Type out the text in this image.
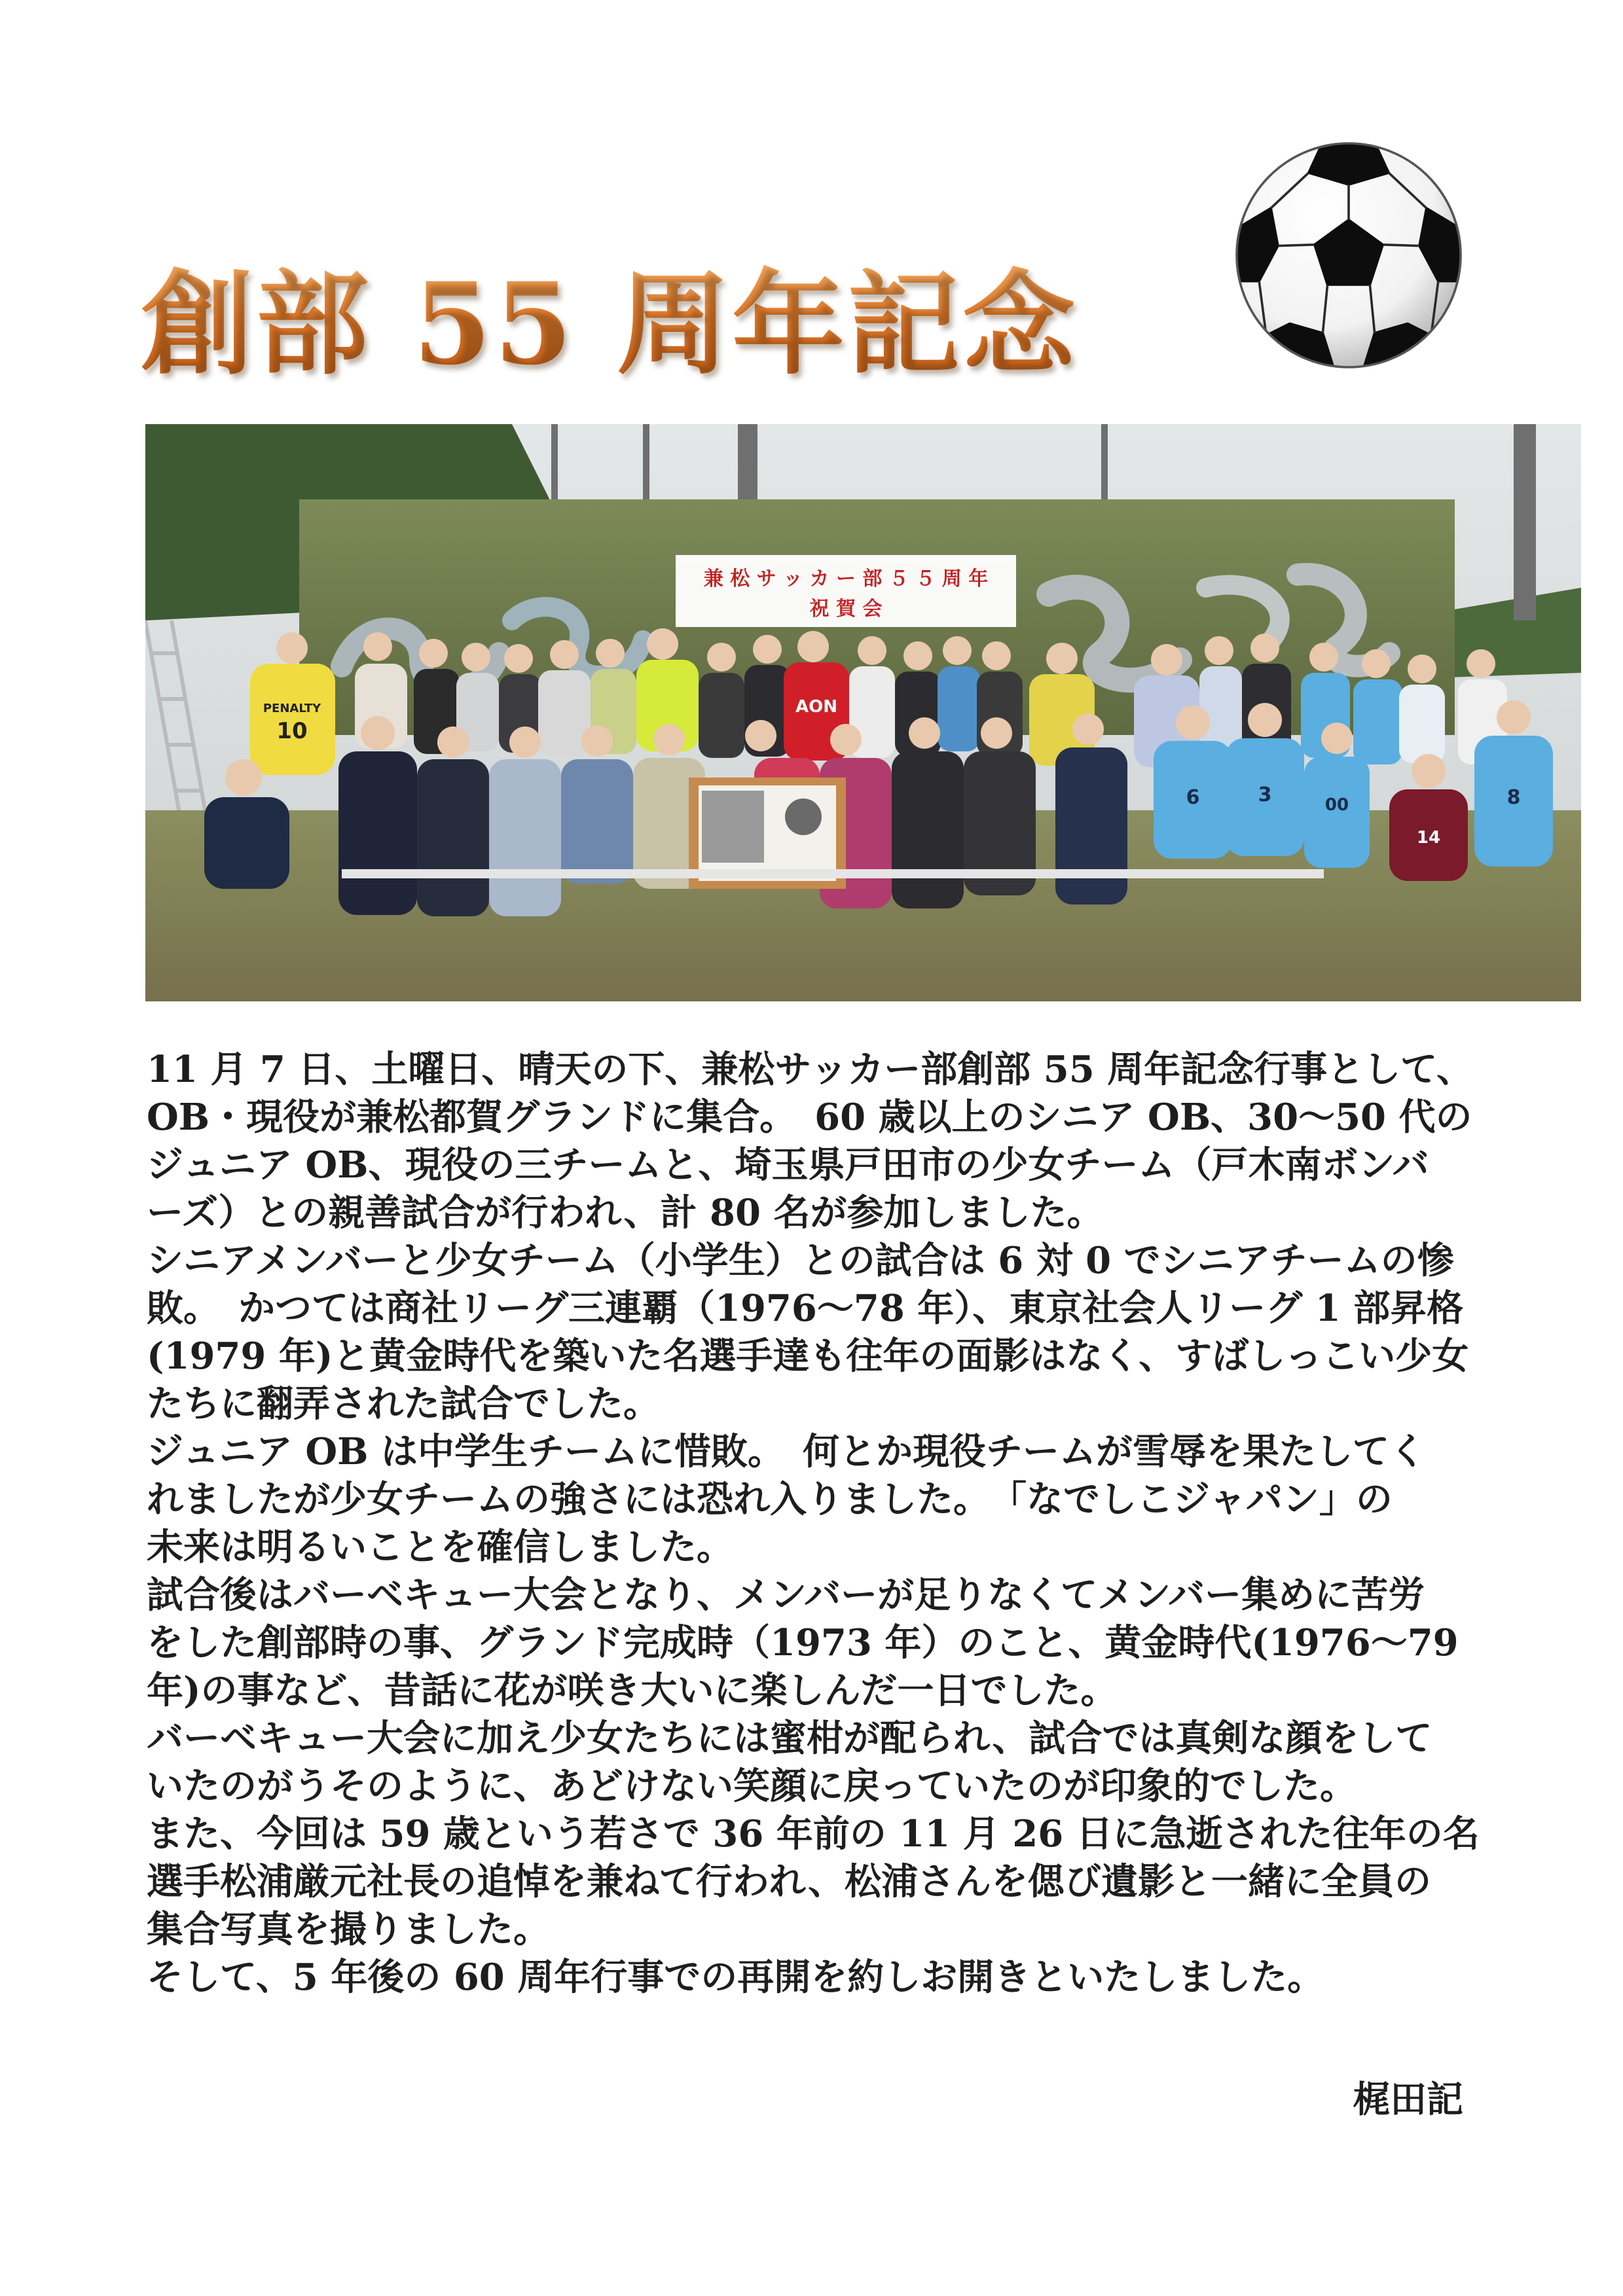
創部 55 周年記念
兼 松 サ ッ カ ー 部 ５ ５ 周 年
祝 賀 会
PENALTY
10
AON
6	3	00	8
14
11 月 7 日、土曜日、晴天の下、兼松サッカー部創部 55 周年記念行事として、
OB・現役が兼松都賀グランドに集合。　60 歳以上のシニア OB、30～50 代の
ジュニア OB、現役の三チームと、埼玉県戸田市の少女チーム（戸木南ボンバ
ーズ）との親善試合が行われ、計 80 名が参加しました。
シニアメンバーと少女チーム（小学生）との試合は 6 対 0 でシニアチームの惨
敗。　かつては商社リーグ三連覇（1976～78 年）、東京社会人リーグ 1 部昇格
(1979 年)と黄金時代を築いた名選手達も往年の面影はなく、すばしっこい少女
たちに翻弄された試合でした。
ジュニア OB は中学生チームに惜敗。　何とか現役チームが雪辱を果たしてく
れましたが少女チームの強さには恐れ入りました。　「なでしこジャパン」の
未来は明るいことを確信しました。
試合後はバーベキュー大会となり、メンバーが足りなくてメンバー集めに苦労
をした創部時の事、グランド完成時（1973 年）のこと、黄金時代(1976～79
年)の事など、昔話に花が咲き大いに楽しんだ一日でした。
バーベキュー大会に加え少女たちには蜜柑が配られ、試合では真剣な顔をして
いたのがうそのように、あどけない笑顔に戻っていたのが印象的でした。
また、今回は 59 歳という若さで 36 年前の 11 月 26 日に急逝された往年の名
選手松浦厳元社長の追悼を兼ねて行われ、松浦さんを偲び遺影と一緒に全員の
集合写真を撮りました。
そして、5 年後の 60 周年行事での再開を約しお開きといたしました。
梶田記
